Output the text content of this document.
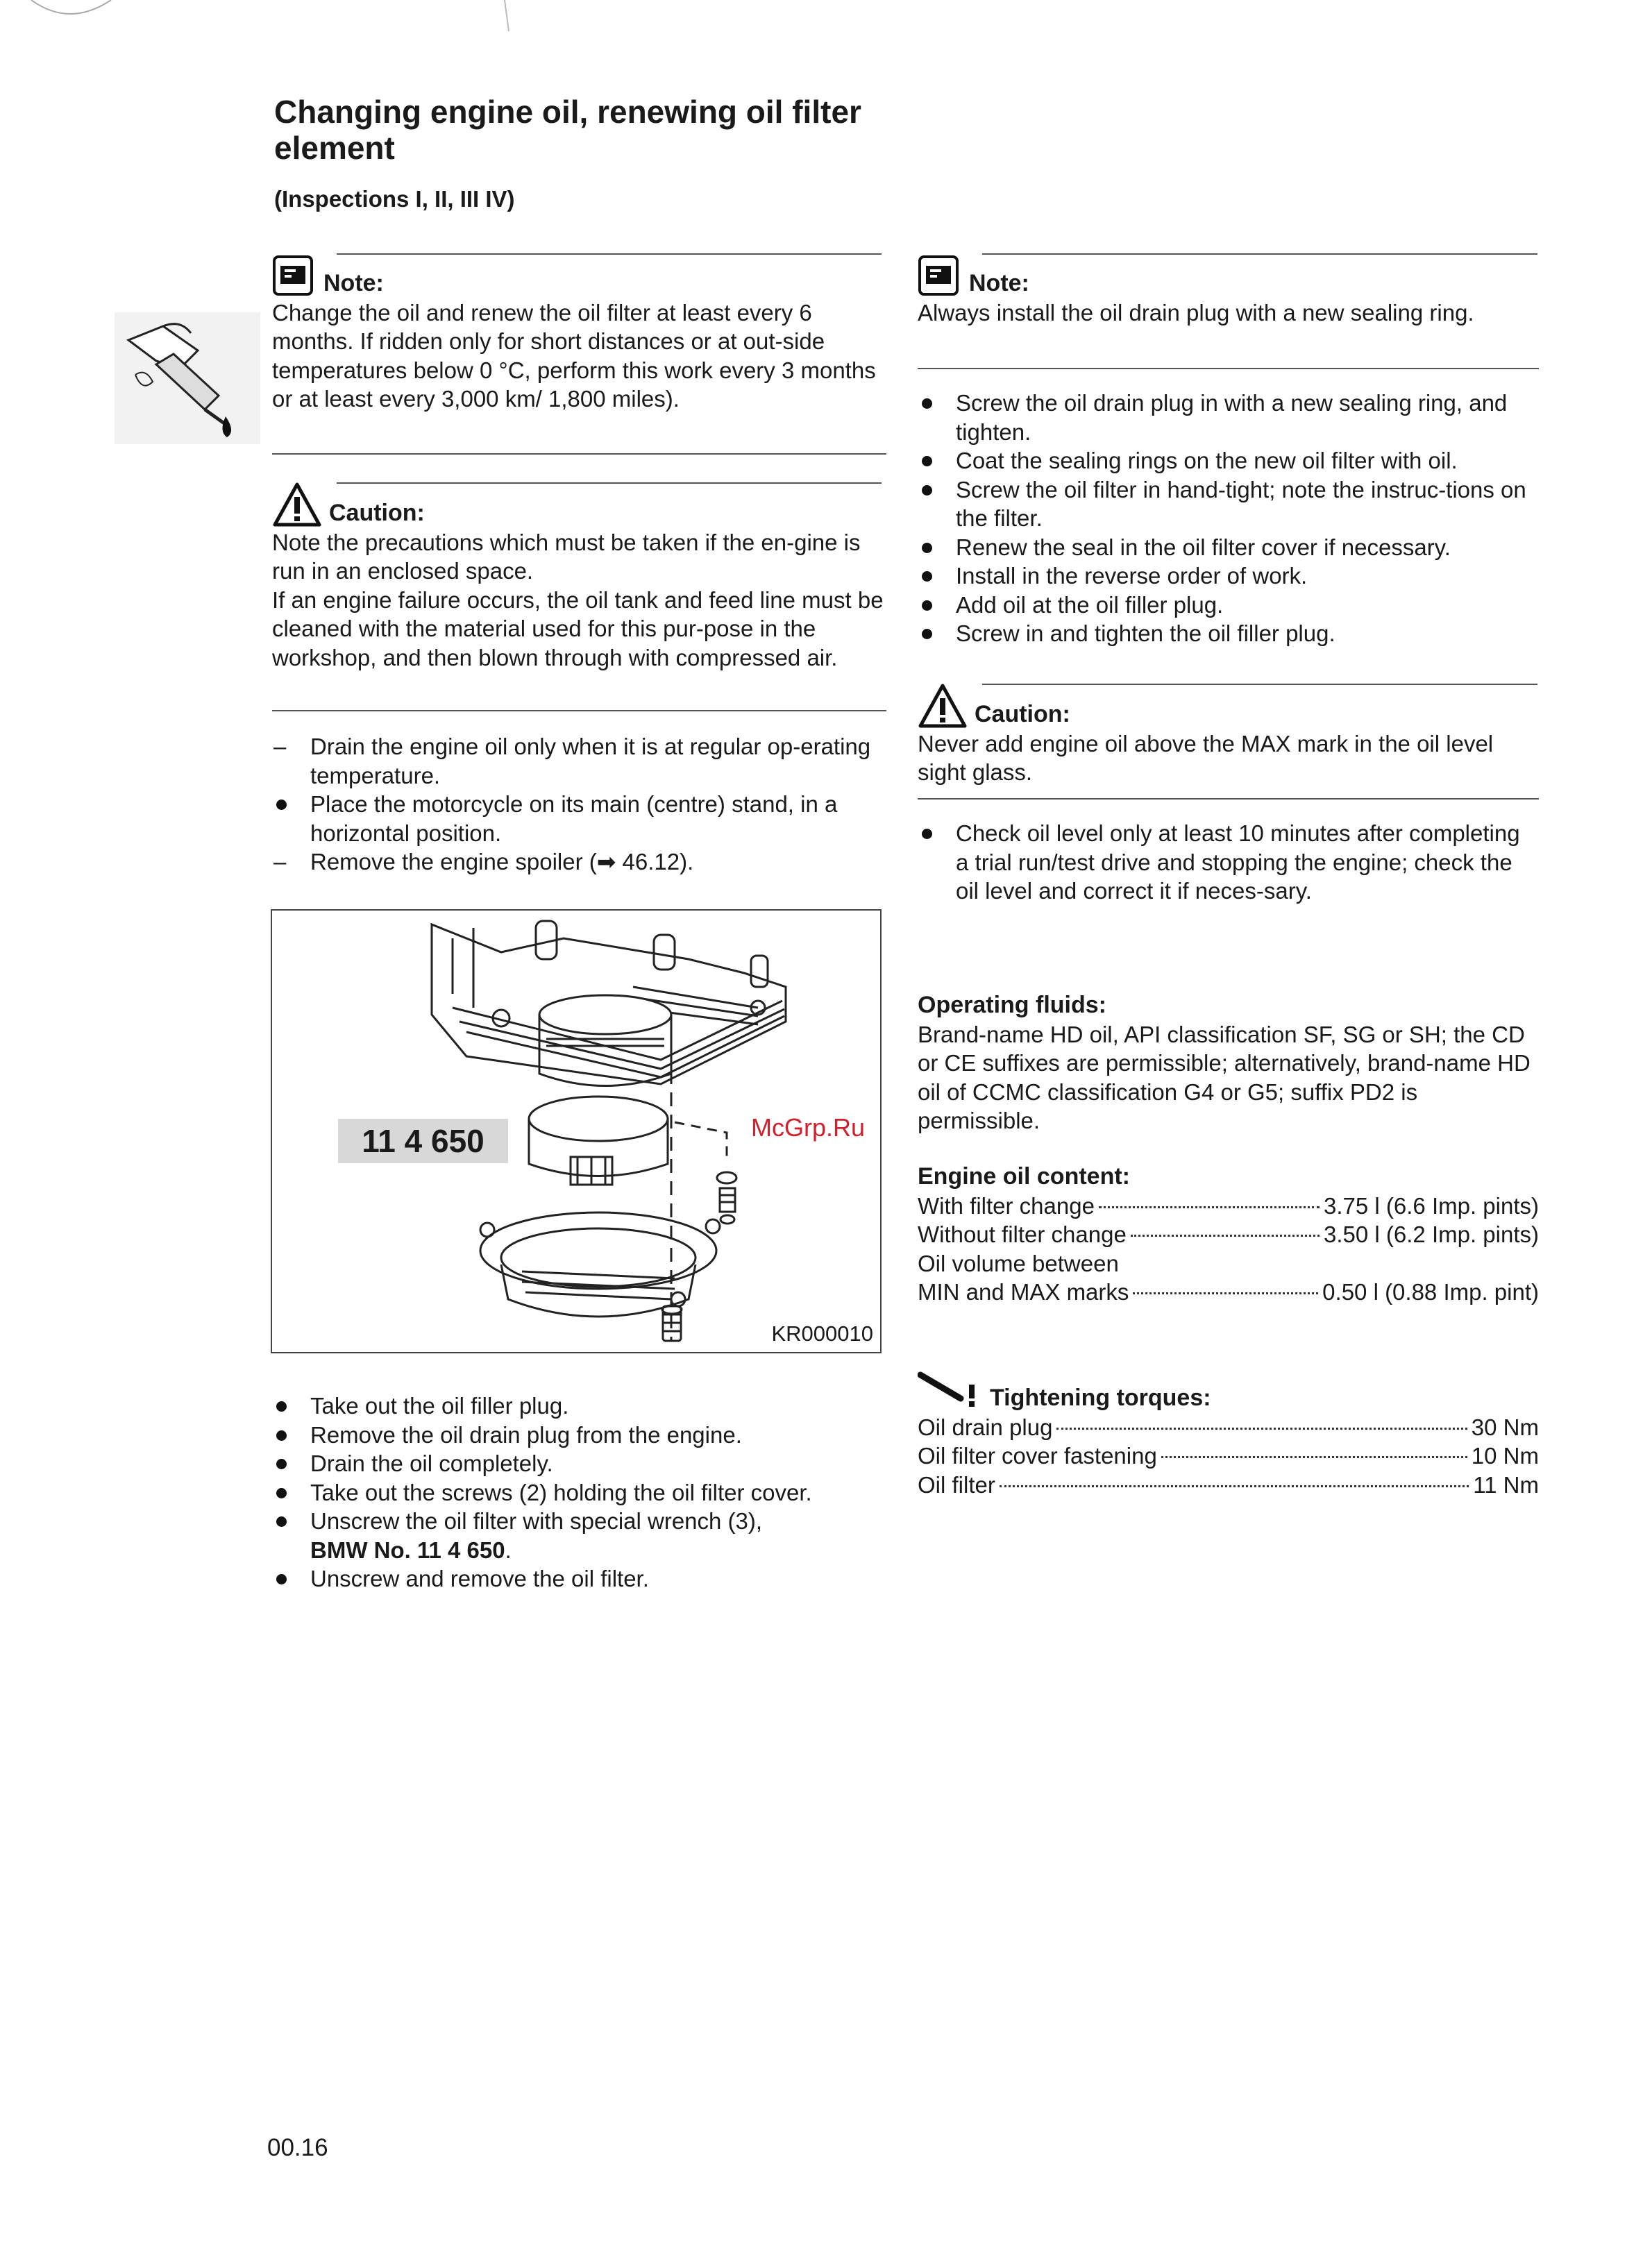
Changing engine oil, renewing oil filter element
(Inspections I, II, III IV)
Note:

Change the oil and renew the oil filter at least every 6 months. If ridden only for short distances or at out-side temperatures below 0 °C, perform this work every 3 months or at least every 3,000 km/ 1,800 miles).

Caution:

Note the precautions which must be taken if the en-gine is run in an enclosed space.

If an engine failure occurs, the oil tank and feed line must be cleaned with the material used for this pur-pose in the workshop, and then blown through with compressed air.

– Drain the engine oil only when it is at regular op-erating temperature.
Place the motorcycle on its main (centre) stand, in a horizontal position.
– Remove the engine spoiler (➡ 46.12).
11 4 650	McGrp.Ru
KR000010
Take out the oil filler plug.
Remove the oil drain plug from the engine.
Drain the oil completely.
Take out the screws (2) holding the oil filter cover.
Unscrew the oil filter with special wrench (3),
BMW No. 11 4 650.
Unscrew and remove the oil filter.
Note:

Always install the oil drain plug with a new sealing ring.

Screw the oil drain plug in with a new sealing ring, and tighten.
Coat the sealing rings on the new oil filter with oil.
Screw the oil filter in hand-tight; note the instruc-tions on the filter.
Renew the seal in the oil filter cover if necessary.
Install in the reverse order of work.
Add oil at the oil filler plug.
Screw in and tighten the oil filler plug.
Caution:

Never add engine oil above the MAX mark in the oil level sight glass.

Check oil level only at least 10 minutes after completing a trial run/test drive and stopping the engine; check the oil level and correct it if neces-sary.
Operating fluids:

Brand-name HD oil, API classification SF, SG or SH; the CD or CE suffixes are permissible; alternatively, brand-name HD oil of CCMC classification G4 or G5; suffix PD2 is permissible.

Engine oil content:
With filter change	3.75 l (6.6 Imp. pints)
Without filter change	3.50 l (6.2 Imp. pints)
Oil volume between
MIN and MAX marks	0.50 l (0.88 Imp. pint)
Tightening torques:
Oil drain plug	30 Nm
Oil filter cover fastening	10 Nm
Oil filter	11 Nm
00.16
